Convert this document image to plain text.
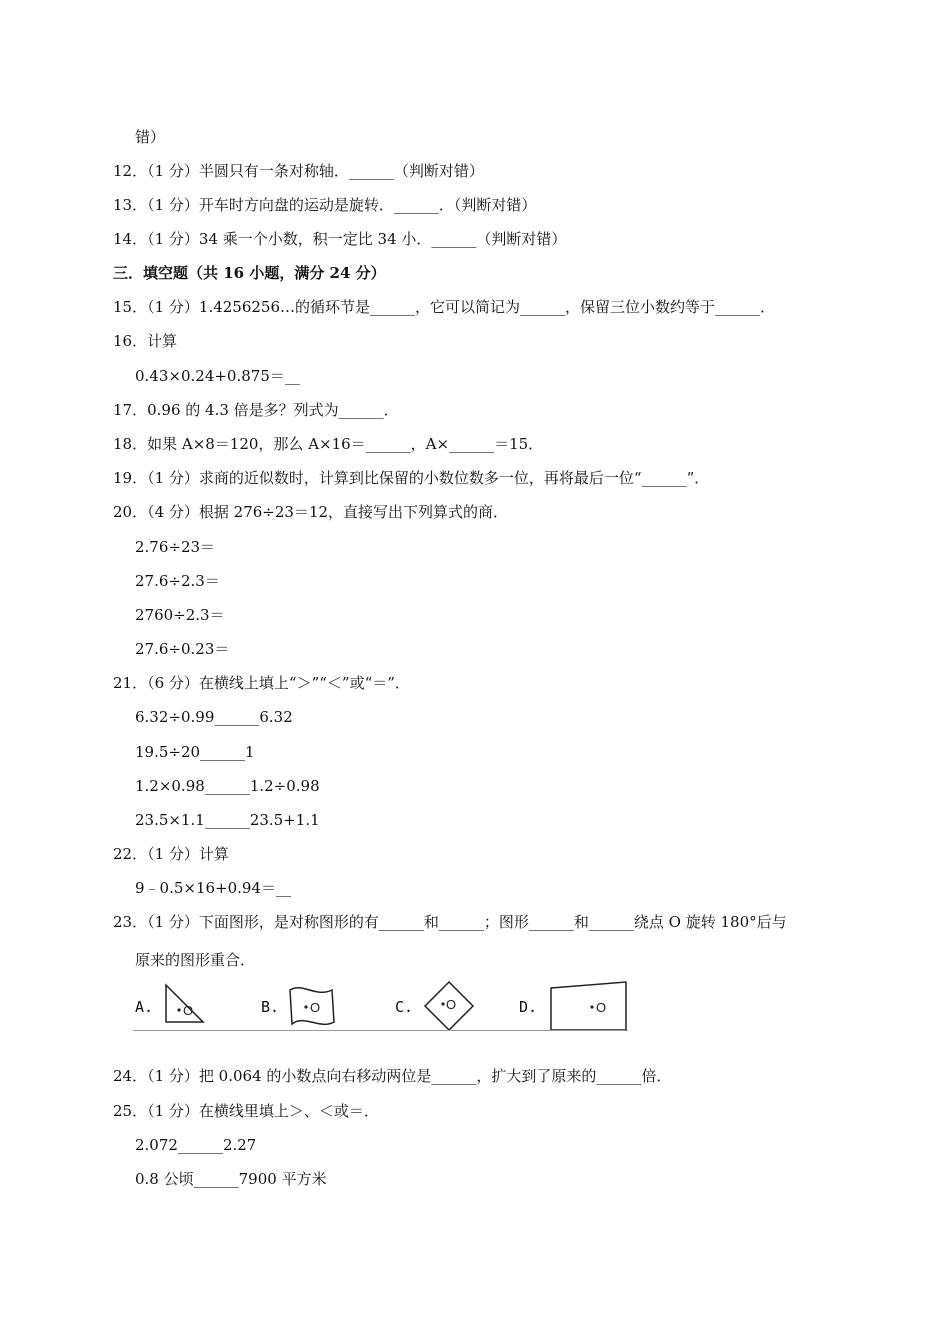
错）
12．（1 分）半圆只有一条对称轴．______（判断对错）
13．（1 分）开车时方向盘的运动是旋转．______．（判断对错）
14．（1 分）34 乘一个小数，积一定比 34 小．______（判断对错）
三．填空题（共 16 小题，满分 24 分）
15．（1 分）1.4256256…的循环节是______，它可以简记为______，保留三位小数约等于______．
16．计算
0.43×0.24+0.875＝__
17．0.96 的 4.3 倍是多？列式为______．
18．如果 A×8＝120，那么 A×16＝______，A×______＝15．
19．（1 分）求商的近似数时，计算到比保留的小数位数多一位，再将最后一位“______”．
20．（4 分）根据 276÷23＝12，直接写出下列算式的商．
2.76÷23＝
27.6÷2.3＝
2760÷2.3＝
27.6÷0.23＝
21．（6 分）在横线上填上“＞”“＜”或“＝”．
6.32÷0.99______6.32
19.5÷20______1
1.2×0.98______1.2÷0.98
23.5×1.1______23.5+1.1
22．（1 分）计算
9﹣0.5×16+0.94＝__
23．（1 分）下面图形，是对称图形的有______和______；图形______和______绕点 O 旋转 180°后与
原来的图形重合．
A. O	B. O	C.	O	D.	O
24．（1 分）把 0.064 的小数点向右移动两位是______，扩大到了原来的______倍．
25．（1 分）在横线里填上＞、＜或＝．
2.072______2.27
0.8 公顷______7900 平方米
